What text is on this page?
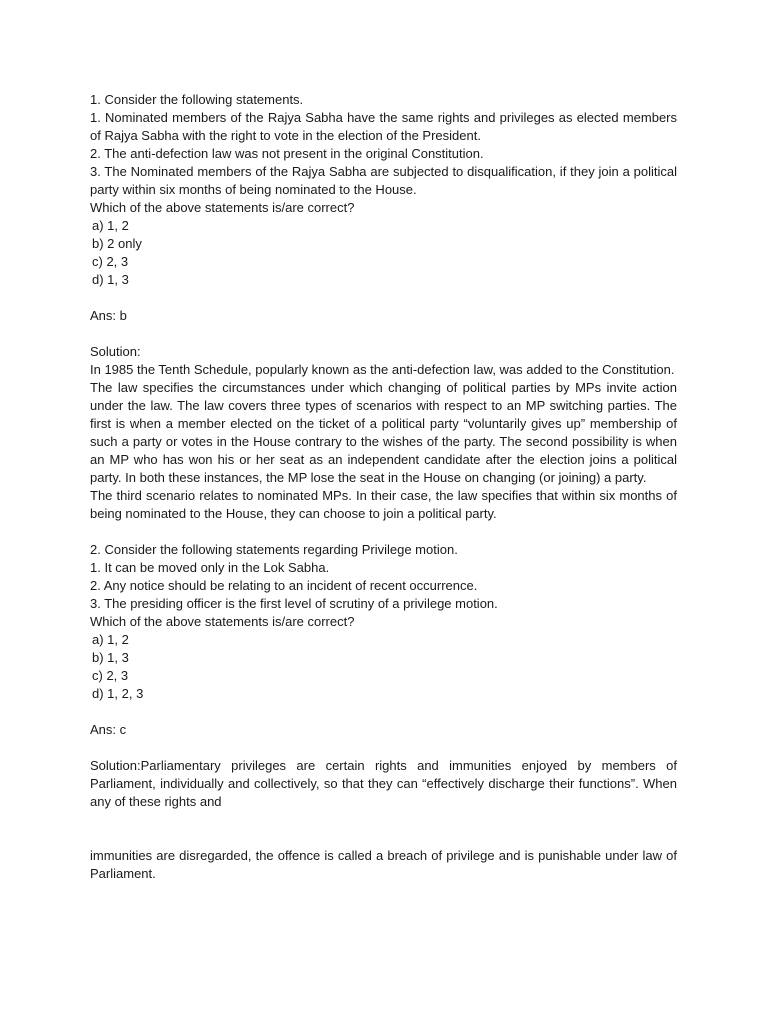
1. Consider the following statements.

1. Nominated members of the Rajya Sabha have the same rights and privileges as elected members of Rajya Sabha with the right to vote in the election of the President.

2. The anti-defection law was not present in the original Constitution.

3. The Nominated members of the Rajya Sabha are subjected to disqualification, if they join a political party within six months of being nominated to the House.

Which of the above statements is/are correct?

a) 1, 2

b) 2 only

c) 2, 3

d) 1, 3

Ans: b

Solution:

In 1985 the Tenth Schedule, popularly known as the anti-defection law, was added to the Constitution.

The law specifies the circumstances under which changing of political parties by MPs invite action under the law. The law covers three types of scenarios with respect to an MP switching parties. The first is when a member elected on the ticket of a political party “voluntarily gives up” membership of such a party or votes in the House contrary to the wishes of the party. The second possibility is when an MP who has won his or her seat as an independent candidate after the election joins a political party. In both these instances, the MP lose the seat in the House on changing (or joining) a party.

The third scenario relates to nominated MPs. In their case, the law specifies that within six months of being nominated to the House, they can choose to join a political party.

2. Consider the following statements regarding Privilege motion.

1. It can be moved only in the Lok Sabha.

2. Any notice should be relating to an incident of recent occurrence.

3. The presiding officer is the first level of scrutiny of a privilege motion.

Which of the above statements is/are correct?

a) 1, 2

b) 1, 3

c) 2, 3

d) 1, 2, 3

Ans: c

Solution:Parliamentary privileges are certain rights and immunities enjoyed by members of Parliament, individually and collectively, so that they can “effectively discharge their functions”. When any of these rights and

immunities are disregarded, the offence is called a breach of privilege and is punishable under law of Parliament.
